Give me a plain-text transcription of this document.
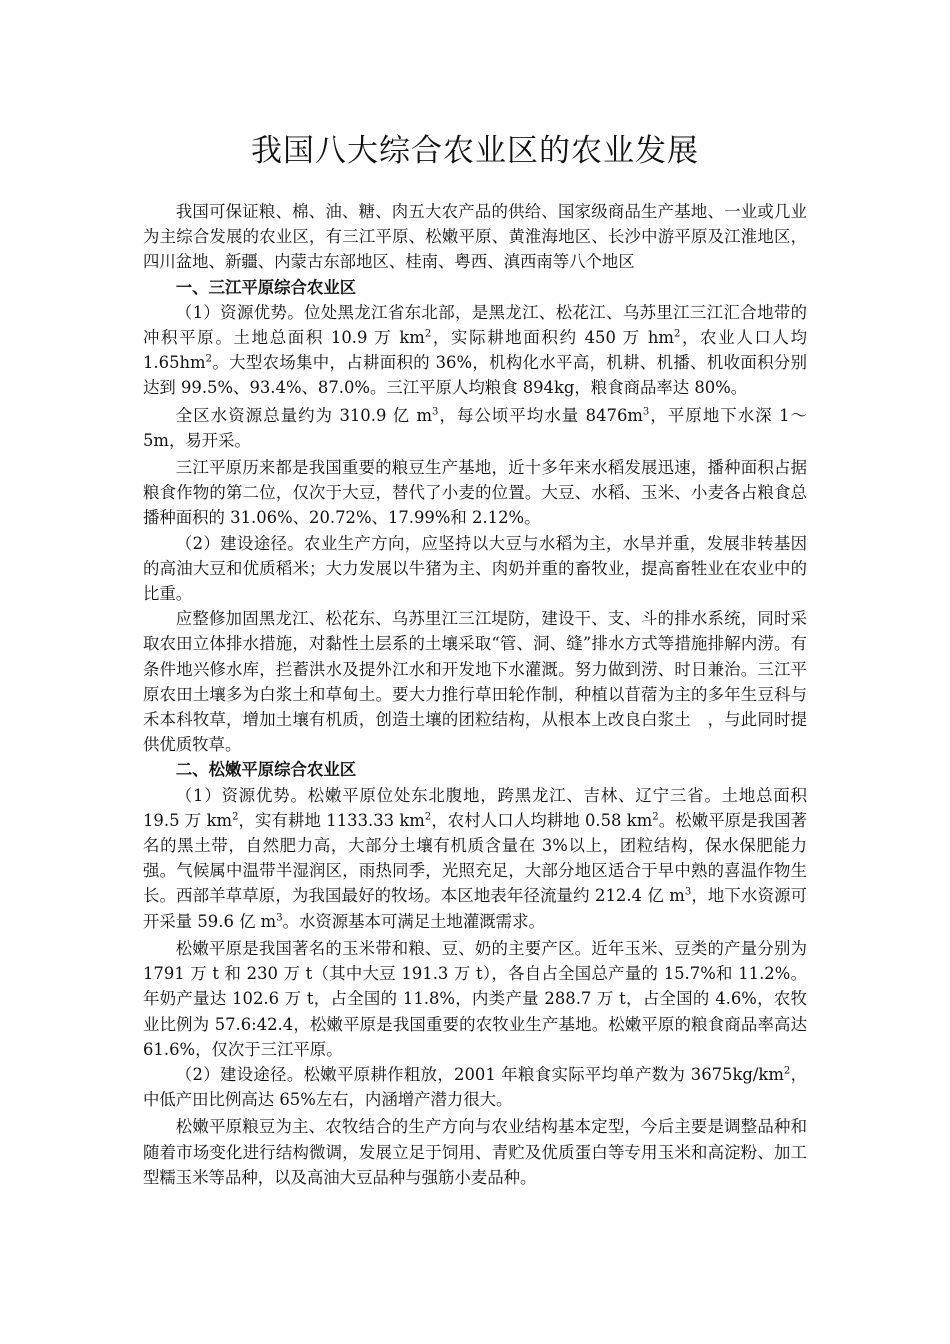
我国八大综合农业区的农业发展

我国可保证粮、棉、油、糖、肉五大农产品的供给、国家级商品生产基地、一业或几业为主综合发展的农业区，有三江平原、松嫩平原、黄淮海地区、长沙中游平原及江淮地区，四川盆地、新疆、内蒙古东部地区、桂南、粤西、滇西南等八个地区

一、三江平原综合农业区

（1）资源优势。位处黑龙江省东北部，是黑龙江、松花江、乌苏里江三江汇合地带的冲积平原。土地总面积 10.9 万 $km^2$，实际耕地面积约 450 万 $hm^2$，农业人口人均 $1.65hm^2$。大型农场集中，占耕面积的 36%，机构化水平高，机耕、机播、机收面积分别达到 99.5%、93.4%、87.0%。三江平原人均粮食 894kg，粮食商品率达 80%。

全区水资源总量约为 310.9 亿 $m^3$，每公顷平均水量 $8476m^3$，平原地下水深 1～5m，易开采。

三江平原历来都是我国重要的粮豆生产基地，近十多年来水稻发展迅速，播种面积占据粮食作物的第二位，仅次于大豆，替代了小麦的位置。大豆、水稻、玉米、小麦各占粮食总播种面积的 31.06%、20.72%、17.99%和 2.12%。

（2）建设途径。农业生产方向，应坚持以大豆与水稻为主，水旱并重，发展非转基因的高油大豆和优质稻米；大力发展以牛猪为主、肉奶并重的畜牧业，提高畜牲业在农业中的比重。

应整修加固黑龙江、松花东、乌苏里江三江堤防，建设干、支、斗的排水系统，同时采取农田立体排水措施，对黏性土层系的土壤采取“管、洞、缝”排水方式等措施排解内涝。有条件地兴修水库，拦蓄洪水及提外江水和开发地下水灌溉。努力做到涝、时日兼治。三江平原农田土壤多为白浆土和草甸土。要大力推行草田轮作制，种植以苜蓿为主的多年生豆科与禾本科牧草，增加土壤有机质，创造土壤的团粒结构，从根本上改良白浆土　，与此同时提供优质牧草。

二、松嫩平原综合农业区

（1）资源优势。松嫩平原位处东北腹地，跨黑龙江、吉林、辽宁三省。土地总面积 19.5 万 $km^2$，实有耕地 1133.33 $km^2$，农村人口人均耕地 0.58 $km^2$。松嫩平原是我国著名的黑土带，自然肥力高，大部分土壤有机质含量在 3%以上，团粒结构，保水保肥能力强。气候属中温带半湿润区，雨热同季，光照充足，大部分地区适合于早中熟的喜温作物生长。西部羊草草原，为我国最好的牧场。本区地表年径流量约 212.4 亿 $m^3$，地下水资源可开采量 59.6 亿 $m^3$。水资源基本可满足土地灌溉需求。

松嫩平原是我国著名的玉米带和粮、豆、奶的主要产区。近年玉米、豆类的产量分别为 1791 万 t 和 230 万 t（其中大豆 191.3 万 t），各自占全国总产量的 15.7%和 11.2%。年奶产量达 102.6 万 t，占全国的 11.8%，内类产量 288.7 万 t，占全国的 4.6%，农牧业比例为 57.6:42.4，松嫩平原是我国重要的农牧业生产基地。松嫩平原的粮食商品率高达 61.6%，仅次于三江平原。

（2）建设途径。松嫩平原耕作粗放，2001 年粮食实际平均单产数为 $3675kg/km^2$，中低产田比例高达 65%左右，内涵增产潜力很大。

松嫩平原粮豆为主、农牧结合的生产方向与农业结构基本定型，今后主要是调整品种和随着市场变化进行结构微调，发展立足于饲用、青贮及优质蛋白等专用玉米和高淀粉、加工型糯玉米等品种，以及高油大豆品种与强筋小麦品种。
